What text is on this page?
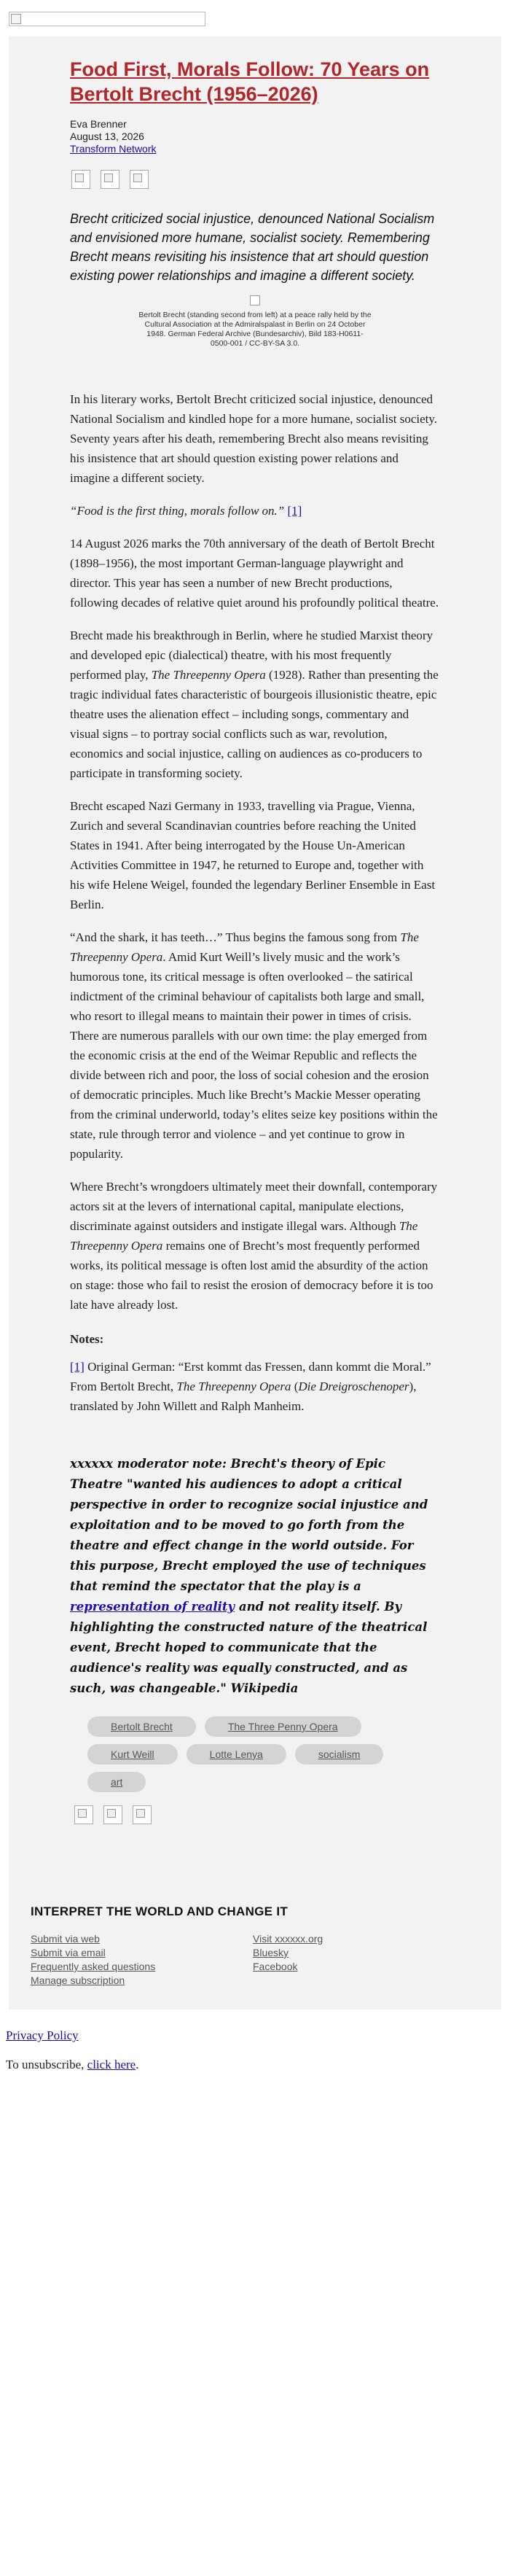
Food First, Morals Follow: 70 Years on Bertolt Brecht (1956–2026)
Eva Brenner
August 13, 2026
Transform Network

Brecht criticized social injustice, denounced National Socialism and envisioned more humane, socialist society. Remembering Brecht means revisiting his insistence that art should question existing power relationships and imagine a different society.

Bertolt Brecht (standing second from left) at a peace rally held by the Cultural Association at the Admiralspalast in Berlin on 24 October 1948. German Federal Archive (Bundesarchiv), Bild 183-H0611-0500-001 / CC-BY-SA 3.0.

In his literary works, Bertolt Brecht criticized social injustice, denounced National Socialism and kindled hope for a more humane, socialist society. Seventy years after his death, remembering Brecht also means revisiting his insistence that art should question existing power relations and imagine a different society.

“Food is the first thing, morals follow on.” [1]

14 August 2026 marks the 70th anniversary of the death of Bertolt Brecht (1898–1956), the most important German-language playwright and director. This year has seen a number of new Brecht productions, following decades of relative quiet around his profoundly political theatre.

Brecht made his breakthrough in Berlin, where he studied Marxist theory and developed epic (dialectical) theatre, with his most frequently performed play, The Threepenny Opera (1928). Rather than presenting the tragic individual fates characteristic of bourgeois illusionistic theatre, epic theatre uses the alienation effect – including songs, commentary and visual signs – to portray social conflicts such as war, revolution, economics and social injustice, calling on audiences as co-producers to participate in transforming society.

Brecht escaped Nazi Germany in 1933, travelling via Prague, Vienna, Zurich and several Scandinavian countries before reaching the United States in 1941. After being interrogated by the House Un-American Activities Committee in 1947, he returned to Europe and, together with his wife Helene Weigel, founded the legendary Berliner Ensemble in East Berlin.

“And the shark, it has teeth…” Thus begins the famous song from The Threepenny Opera. Amid Kurt Weill’s lively music and the work’s humorous tone, its critical message is often overlooked – the satirical indictment of the criminal behaviour of capitalists both large and small, who resort to illegal means to maintain their power in times of crisis. There are numerous parallels with our own time: the play emerged from the economic crisis at the end of the Weimar Republic and reflects the divide between rich and poor, the loss of social cohesion and the erosion of democratic principles. Much like Brecht’s Mackie Messer operating from the criminal underworld, today’s elites seize key positions within the state, rule through terror and violence – and yet continue to grow in popularity.

Where Brecht’s wrongdoers ultimately meet their downfall, contemporary actors sit at the levers of international capital, manipulate elections, discriminate against outsiders and instigate illegal wars. Although The Threepenny Opera remains one of Brecht’s most frequently performed works, its political message is often lost amid the absurdity of the action on stage: those who fail to resist the erosion of democracy before it is too late have already lost.

Notes:

[1] Original German: “Erst kommt das Fressen, dann kommt die Moral.” From Bertolt Brecht, The Threepenny Opera (Die Dreigroschenoper), translated by John Willett and Ralph Manheim.

xxxxxx moderator note: Brecht's theory of Epic Theatre "wanted his audiences to adopt a critical perspective in order to recognize social injustice and exploitation and to be moved to go forth from the theatre and effect change in the world outside. For this purpose, Brecht employed the use of techniques that remind the spectator that the play is a representation of reality and not reality itself. By highlighting the constructed nature of the theatrical event, Brecht hoped to communicate that the audience's reality was equally constructed, and as such, was changeable." Wikipedia
Bertolt Brecht	The Three Penny Opera
Kurt Weill	Lotte Lenya	socialism
art
INTERPRET THE WORLD AND CHANGE IT
Submit via web
Submit via email
Frequently asked questions
Manage subscription
Visit xxxxxx.org
Bluesky
Facebook

Privacy Policy

To unsubscribe, click here.
